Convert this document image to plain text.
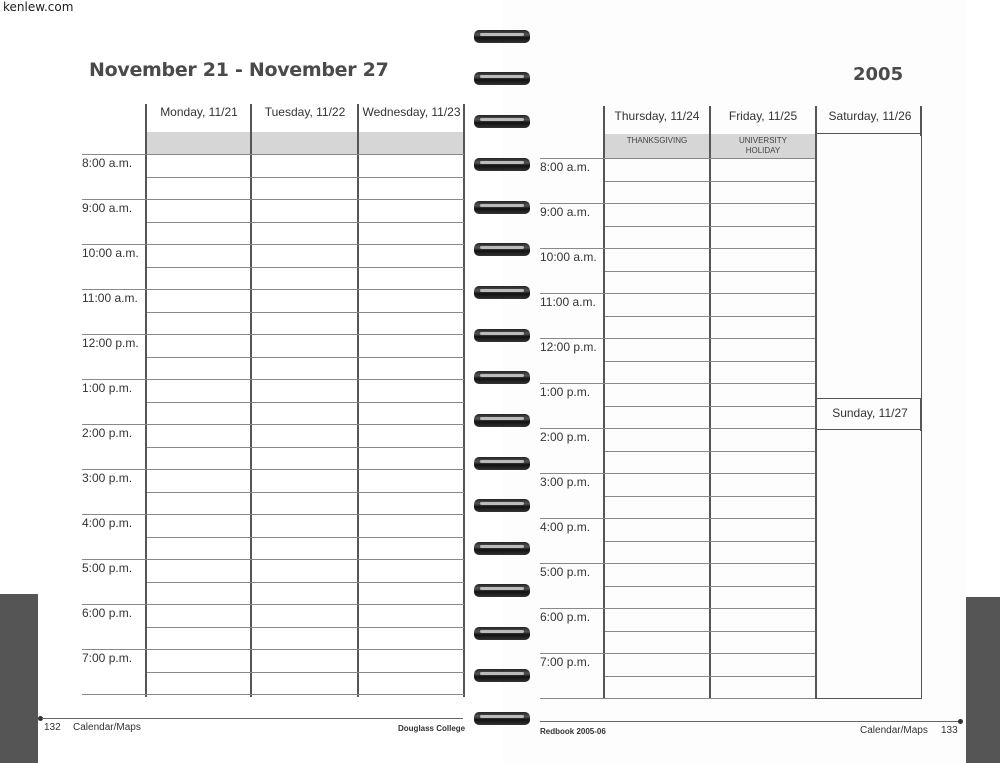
kenlew.com
November 21 - November 27	2005
Monday, 11/21	Tuesday, 11/22	Wednesday, 11/23
8:00 a.m.
9:00 a.m.
10:00 a.m.
11:00 a.m.
12:00 p.m.
1:00 p.m.
2:00 p.m.
3:00 p.m.
4:00 p.m.
5:00 p.m.
6:00 p.m.
7:00 p.m.
Thursday, 11/24	Friday, 11/25	Saturday, 11/26
THANKSGIVING	UNIVERSITY
HOLIDAY
Sunday, 11/27
8:00 a.m.
9:00 a.m.
10:00 a.m.
11:00 a.m.
12:00 p.m.
1:00 p.m.
2:00 p.m.
3:00 p.m.
4:00 p.m.
5:00 p.m.
6:00 p.m.
7:00 p.m.
132 Calendar/Maps	Douglass College	Redbook 2005-06	Calendar/Maps 133
